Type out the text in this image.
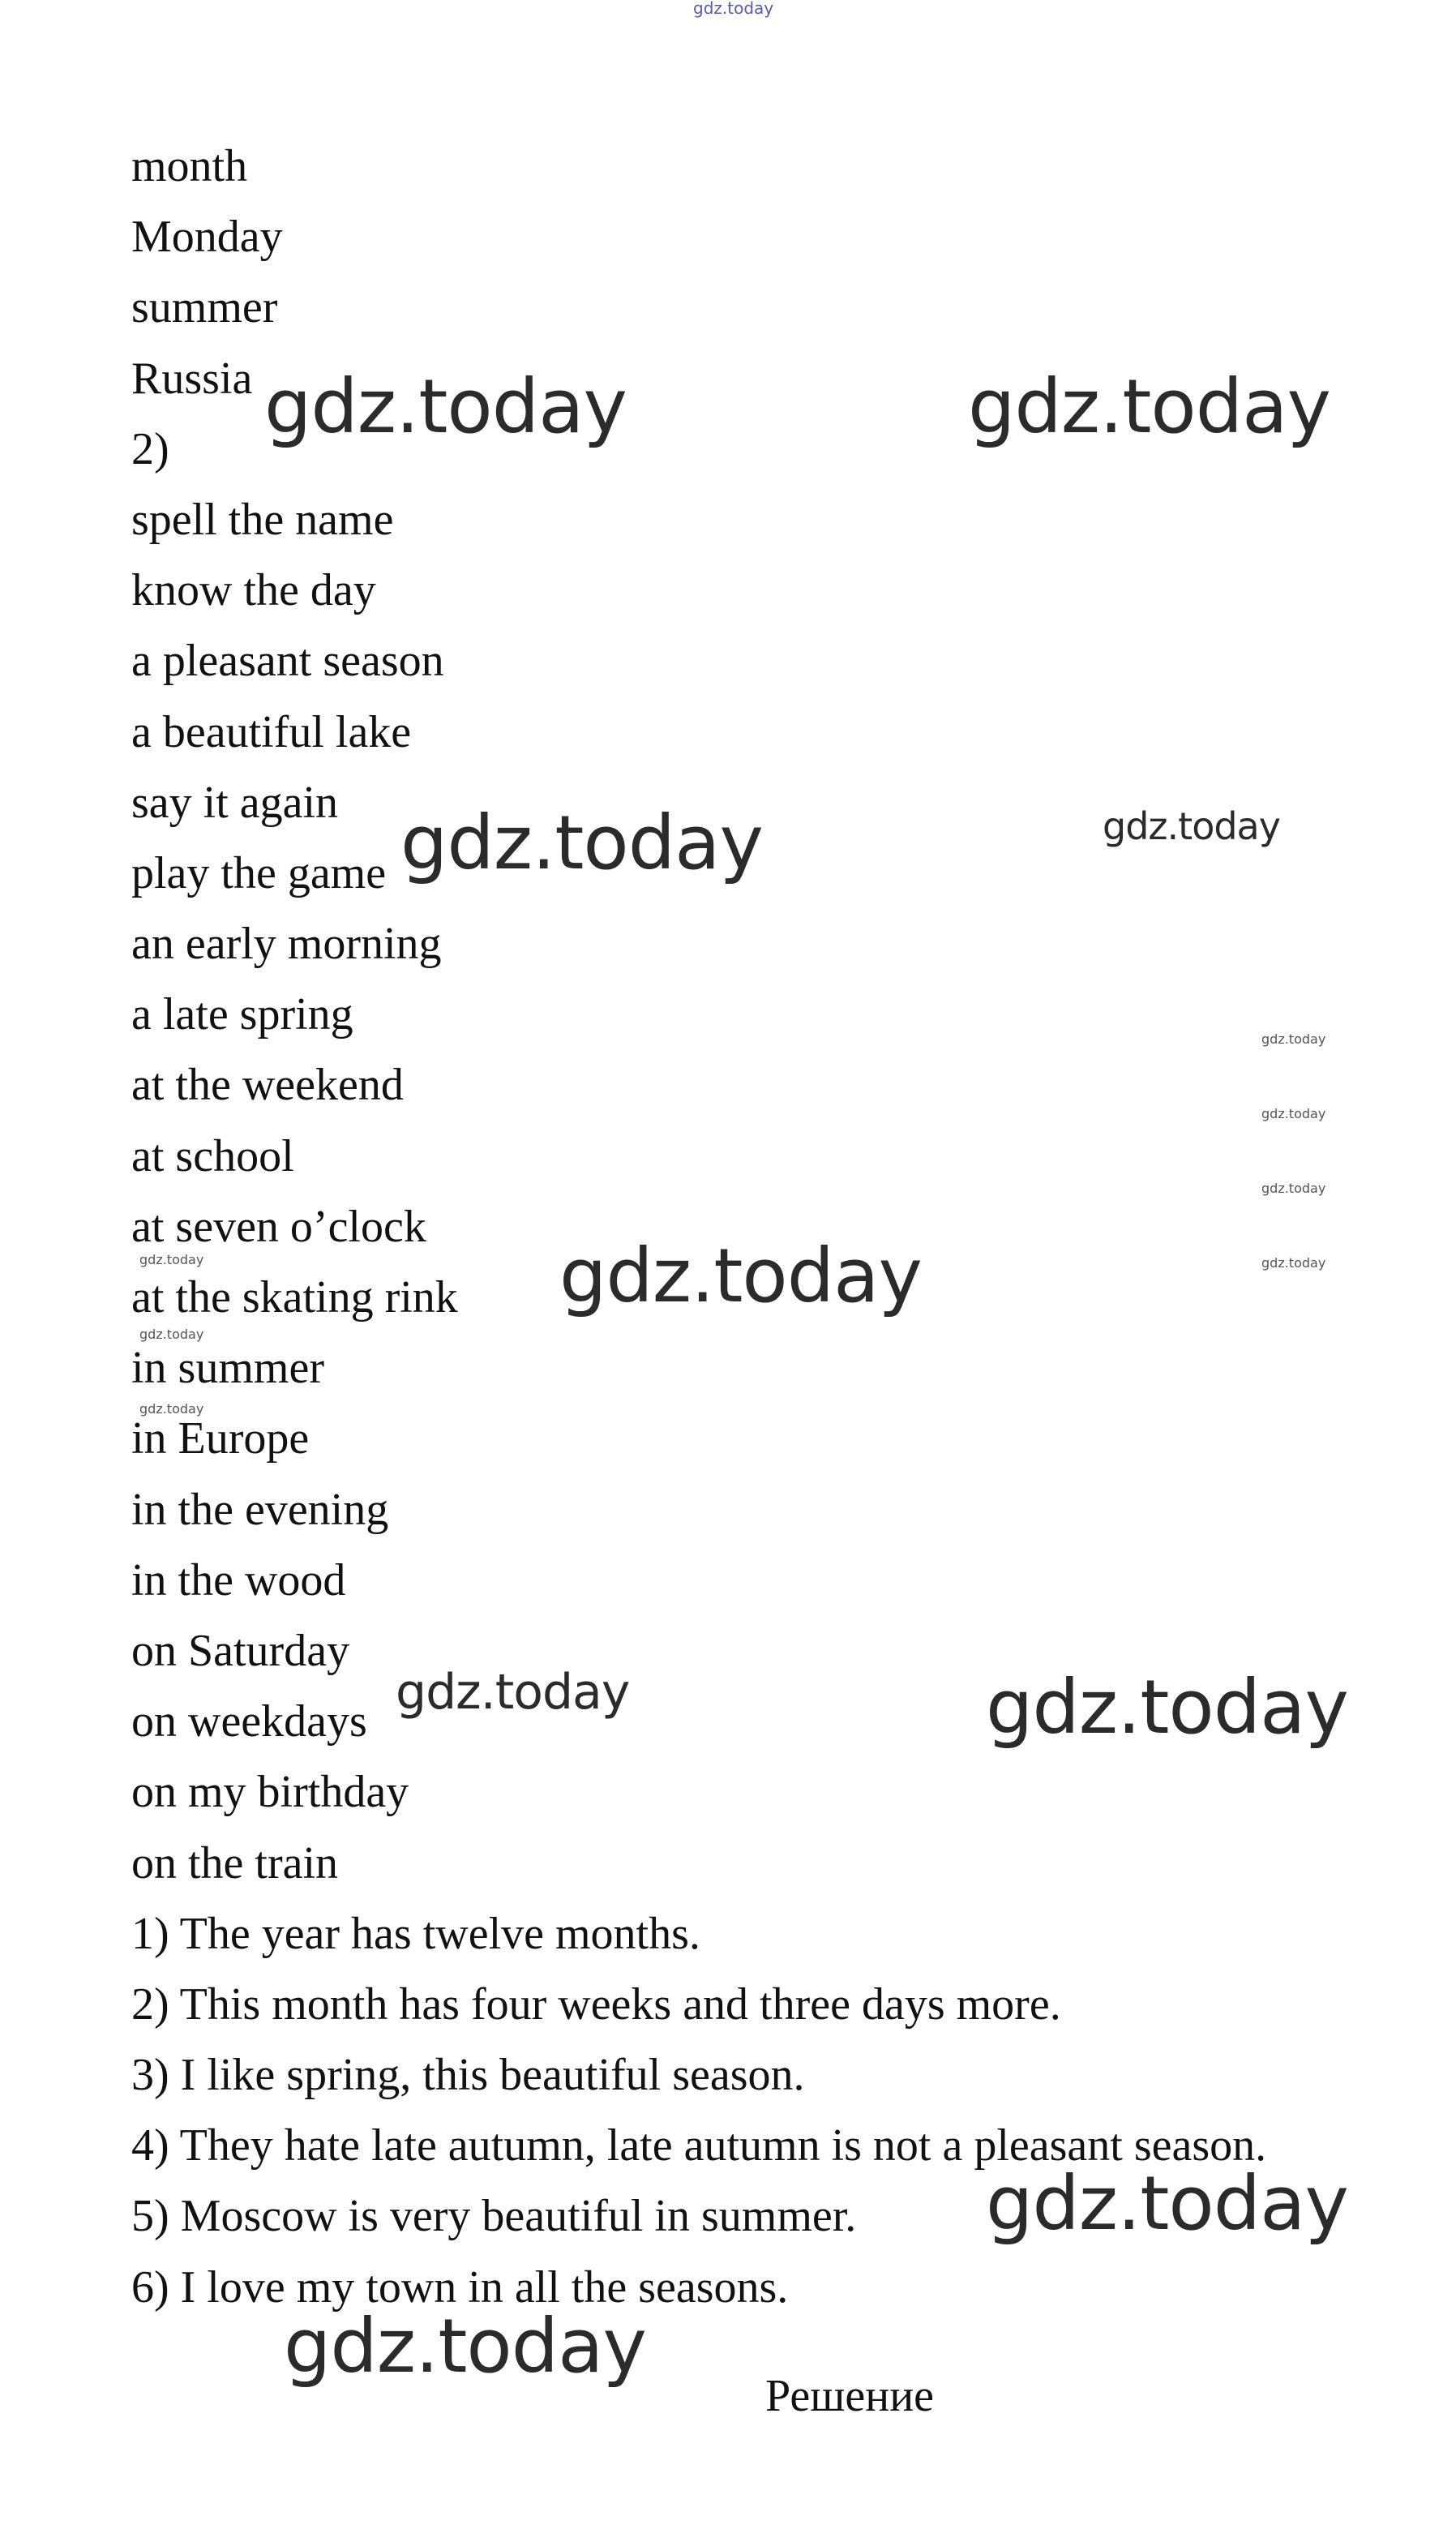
month
Monday
summer
Russia
2)
spell the name
know the day
a pleasant season
a beautiful lake
say it again
play the game
an early morning
a late spring
at the weekend
at school
at seven o’clock
at the skating rink
in summer
in Europe
in the evening
in the wood
on Saturday
on weekdays
on my birthday
on the train
1) The year has twelve months.
2) This month has four weeks and three days more.
3) I like spring, this beautiful season.
4) They hate late autumn, late autumn is not a pleasant season.
5) Moscow is very beautiful in summer.
6) I love my town in all the seasons.
Решение
gdz.today
gdz.today	gdz.today
gdz.today	gdz.today
gdz.today
gdz.today
gdz.today
gdz.today
gdz.today
gdz.today
gdz.today
gdz.today
gdz.today	gdz.today
gdz.today
gdz.today
